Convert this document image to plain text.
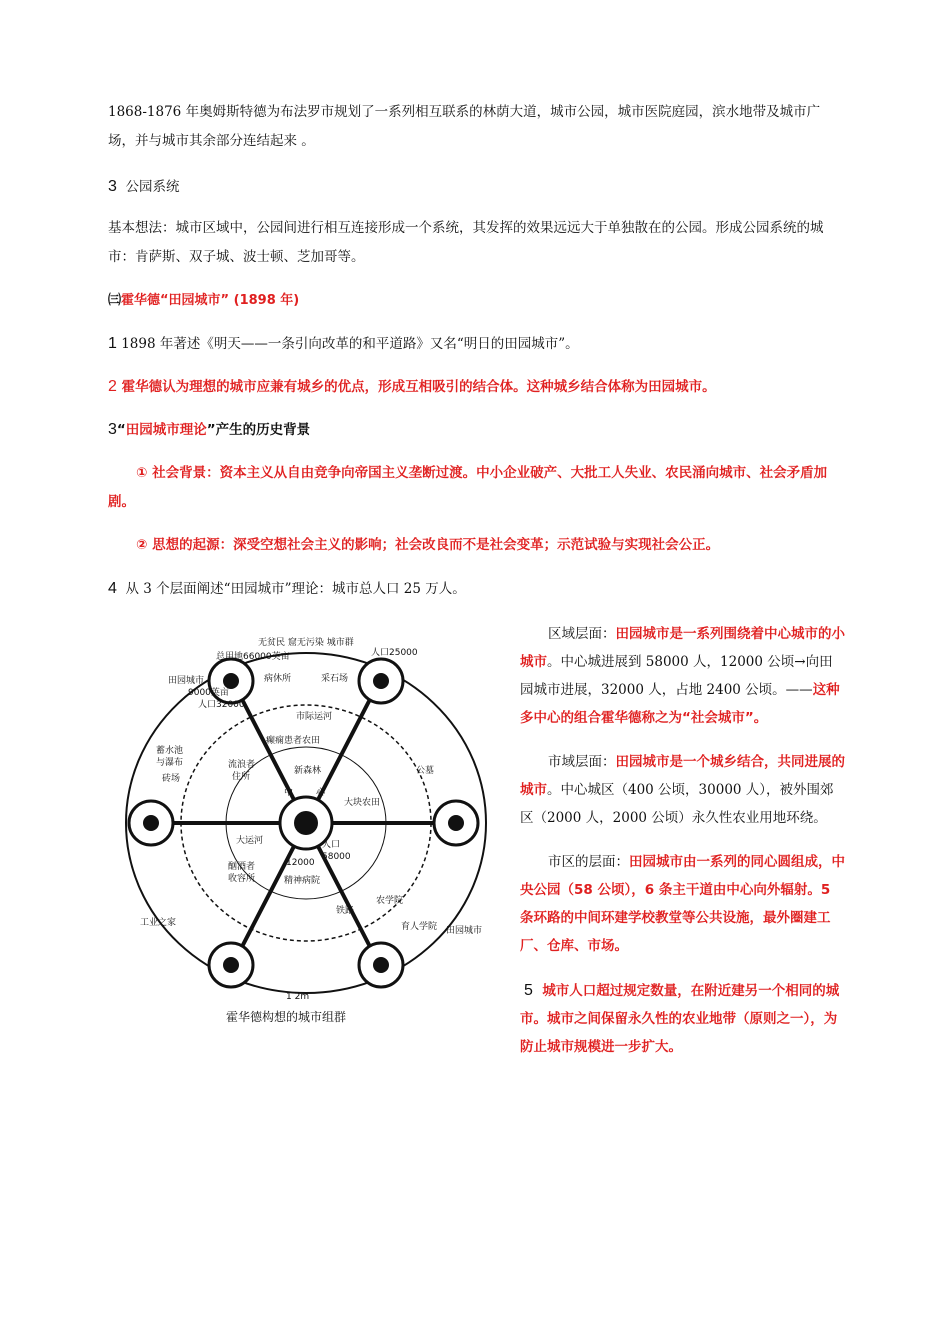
1868-1876 年奥姆斯特德为布法罗市规划了一系列相互联系的林荫大道，城市公园，城市医院庭园，滨水地带及城市广场，并与城市其余部分连结起来 。
3 公园系统
基本想法：城市区域中，公园间进行相互连接形成一个系统，其发挥的效果远远大于单独散在的公园。形成公园系统的城市：肯萨斯、双子城、波士顿、芝加哥等。
㈢霍华德“田园城市” (1898 年)
1 1898 年著述《明天——一条引向改革的和平道路》又名“明日的田园城市”。
2 霍华德认为理想的城市应兼有城乡的优点，形成互相吸引的结合体。这种城乡结合体称为田园城市。
3“田园城市理论”产生的历史背景
① 社会背景：资本主义从自由竞争向帝国主义垄断过渡。中小企业破产、大批工人失业、农民涌向城市、社会矛盾加剧。
② 思想的起源：深受空想社会主义的影响；社会改良而不是社会变革；示范试验与实现社会公正。
4 从 3 个层面阐述“田园城市”理论：城市总人口 25 万人。
无贫民 窟无污染 城市群
总用地66000英亩	人口25000
田园城市
9000英亩
人口32000
病休所	采石场
市际运河
蓄水池
与瀑布
癫痫患者农田
新森林
中	心
流浪者
住所
大块农田
大运河	人口
58000
12000
精神病院
酗酒者
收容所
工业之家
农学院
育人学院 田园城市
砖场
公墓
铁路
1 2m
霍华德构想的城市组群
区域层面：田园城市是一系列围绕着中心城市的小城市。中心城进展到 58000 人，12000 公顷→向田园城市进展，32000 人，占地 2400 公顷。——这种多中心的组合霍华德称之为“社会城市”。
市域层面：田园城市是一个城乡结合，共同进展的城市。中心城区（400 公顷，30000 人），被外围郊区（2000 人，2000 公顷）永久性农业用地环绕。
市区的层面：田园城市由一系列的同心圆组成，中央公园（58 公顷），6 条主干道由中心向外辐射。5 条环路的中间环建学校教堂等公共设施，最外圈建工厂、仓库、市场。
5 城市人口超过规定数量，在附近建另一个相同的城市。城市之间保留永久性的农业地带（原则之一），为防止城市规模进一步扩大。
